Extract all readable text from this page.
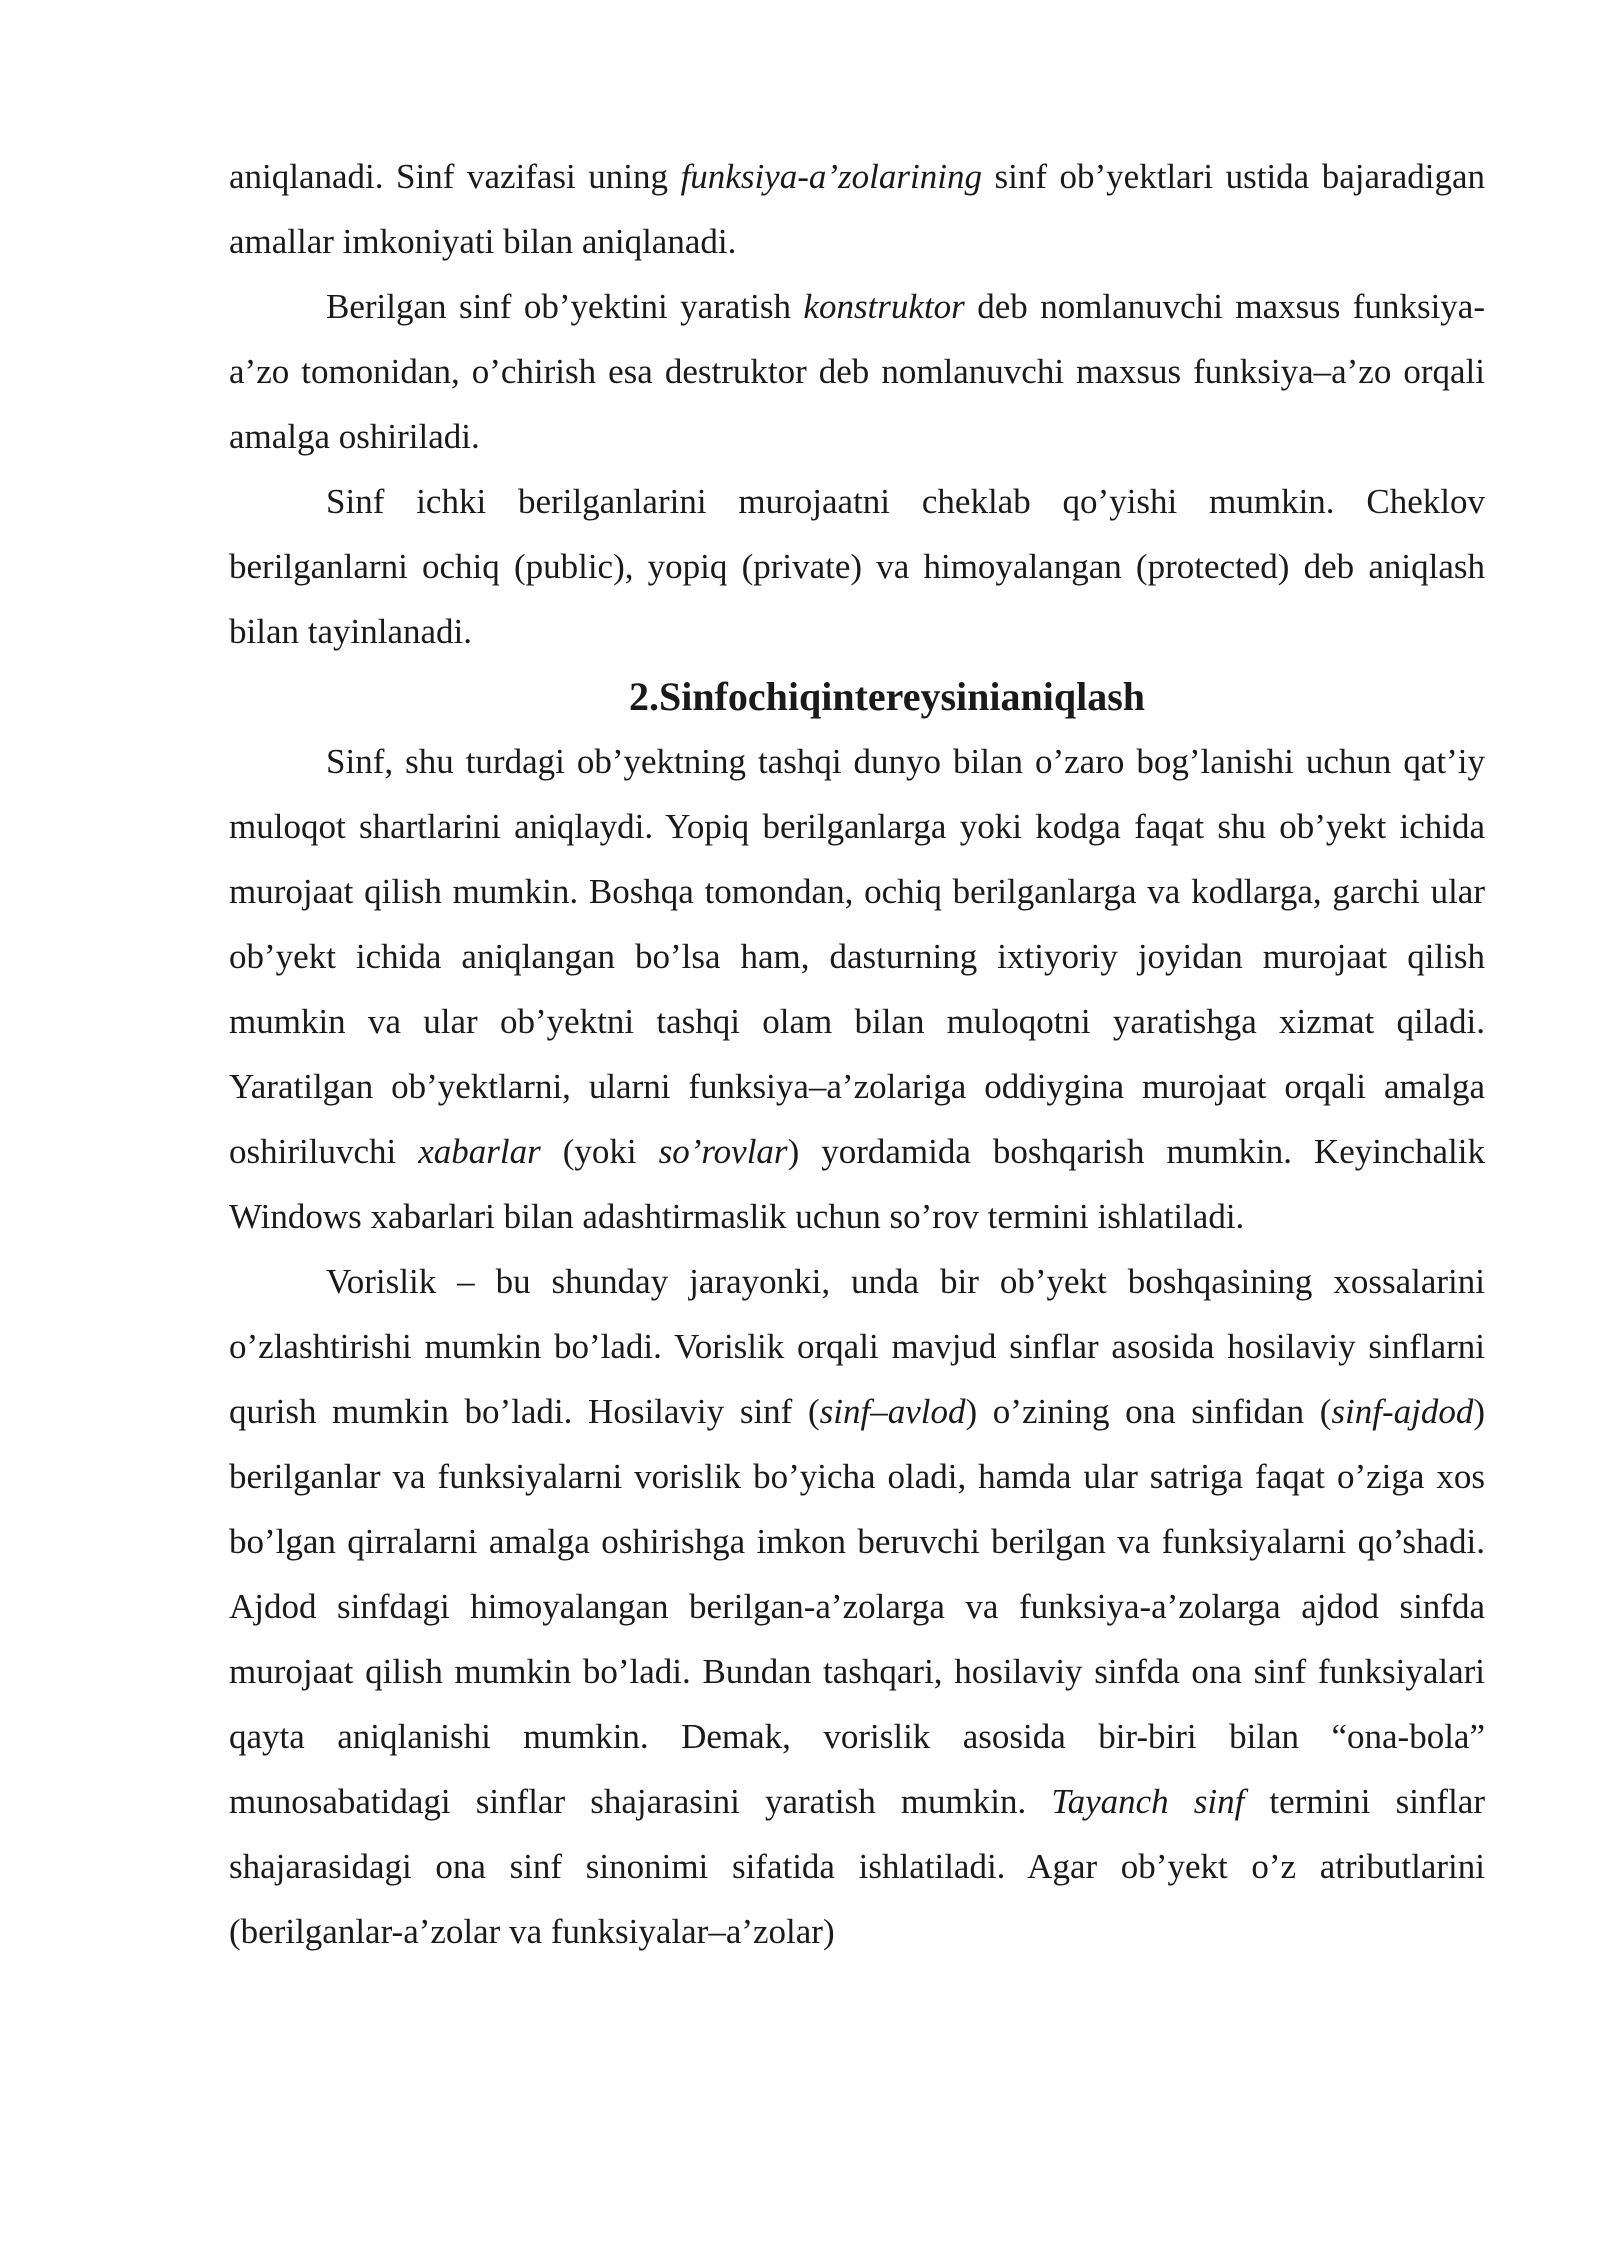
aniqlanadi. Sinf vazifasi uning funksiya-a’zolarining sinf ob’yektlari ustida bajaradigan amallar imkoniyati bilan aniqlanadi.

Berilgan sinf ob’yektini yaratish konstruktor deb nomlanuvchi maxsus funksiya-a’zo tomonidan, o’chirish esa destruktor deb nomlanuvchi maxsus funksiya–a’zo orqali amalga oshiriladi.

Sinf ichki berilganlarini murojaatni cheklab qo’yishi mumkin. Cheklov berilganlarni ochiq (public), yopiq (private) va himoyalangan (protected) deb aniqlash bilan tayinlanadi.

2.Sinfochiqintereysinianiqlash

Sinf, shu turdagi ob’yektning tashqi dunyo bilan o’zaro bog’lanishi uchun qat’iy muloqot shartlarini aniqlaydi. Yopiq berilganlarga yoki kodga faqat shu ob’yekt ichida murojaat qilish mumkin. Boshqa tomondan, ochiq berilganlarga va kodlarga, garchi ular ob’yekt ichida aniqlangan bo’lsa ham, dasturning ixtiyoriy joyidan murojaat qilish mumkin va ular ob’yektni tashqi olam bilan muloqotni yaratishga xizmat qiladi. Yaratilgan ob’yektlarni, ularni funksiya–a’zolariga oddiygina murojaat orqali amalga oshiriluvchi xabarlar (yoki so’rovlar) yordamida boshqarish mumkin. Keyinchalik Windows xabarlari bilan adashtirmaslik uchun so’rov termini ishlatiladi.

Vorislik – bu shunday jarayonki, unda bir ob’yekt boshqasining xossalarini o’zlashtirishi mumkin bo’ladi. Vorislik orqali mavjud sinflar asosida hosilaviy sinflarni qurish mumkin bo’ladi. Hosilaviy sinf (sinf–avlod) o’zining ona sinfidan (sinf-ajdod) berilganlar va funksiyalarni vorislik bo’yicha oladi, hamda ular satriga faqat o’ziga xos bo’lgan qirralarni amalga oshirishga imkon beruvchi berilgan va funksiyalarni qo’shadi. Ajdod sinfdagi himoyalangan berilgan-a’zolarga va funksiya-a’zolarga ajdod sinfda murojaat qilish mumkin bo’ladi. Bundan tashqari, hosilaviy sinfda ona sinf funksiyalari qayta aniqlanishi mumkin. Demak, vorislik asosida bir-biri bilan “ona-bola” munosabatidagi sinflar shajarasini yaratish mumkin. Tayanch sinf termini sinflar shajarasidagi ona sinf sinonimi sifatida ishlatiladi. Agar ob’yekt o’z atributlarini (berilganlar-a’zolar va funksiyalar–a’zolar)
